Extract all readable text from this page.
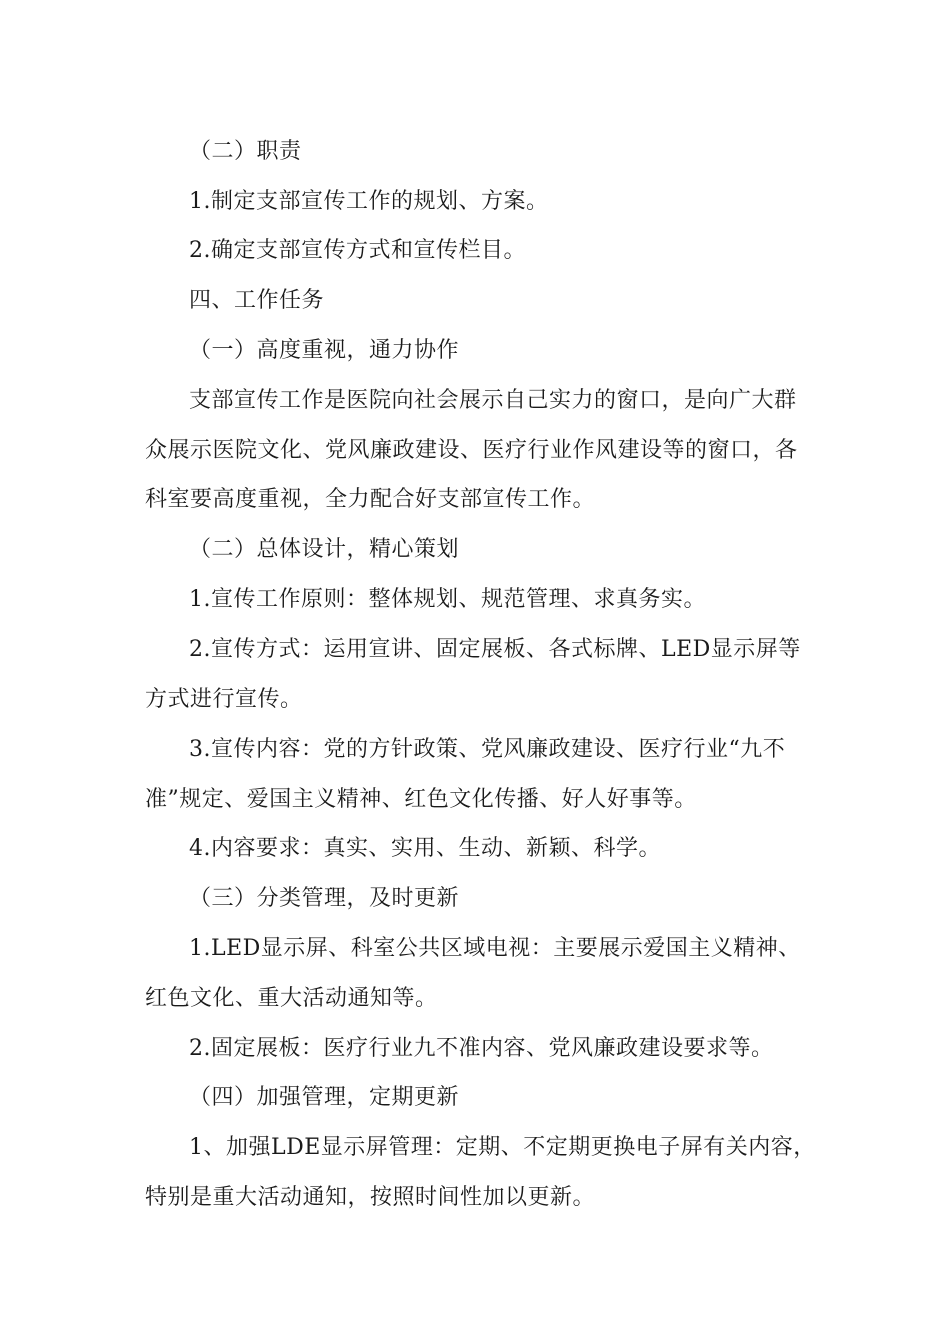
（二）职责
1.制定支部宣传工作的规划、方案。
2.确定支部宣传方式和宣传栏目。
四、工作任务
（一）高度重视，通力协作
支部宣传工作是医院向社会展示自己实力的窗口，是向广大群
众展示医院文化、党风廉政建设、医疗行业作风建设等的窗口，各
科室要高度重视，全力配合好支部宣传工作。
（二）总体设计，精心策划
1.宣传工作原则：整体规划、规范管理、求真务实。
2.宣传方式：运用宣讲、固定展板、各式标牌、LED显示屏等
方式进行宣传。
3.宣传内容：党的方针政策、党风廉政建设、医疗行业“九不
准”规定、爱国主义精神、红色文化传播、好人好事等。
4.内容要求：真实、实用、生动、新颖、科学。
（三）分类管理，及时更新
1.LED显示屏、科室公共区域电视：主要展示爱国主义精神、
红色文化、重大活动通知等。
2.固定展板：医疗行业九不准内容、党风廉政建设要求等。
（四）加强管理，定期更新
1、加强LDE显示屏管理：定期、不定期更换电子屏有关内容，
特别是重大活动通知，按照时间性加以更新。
